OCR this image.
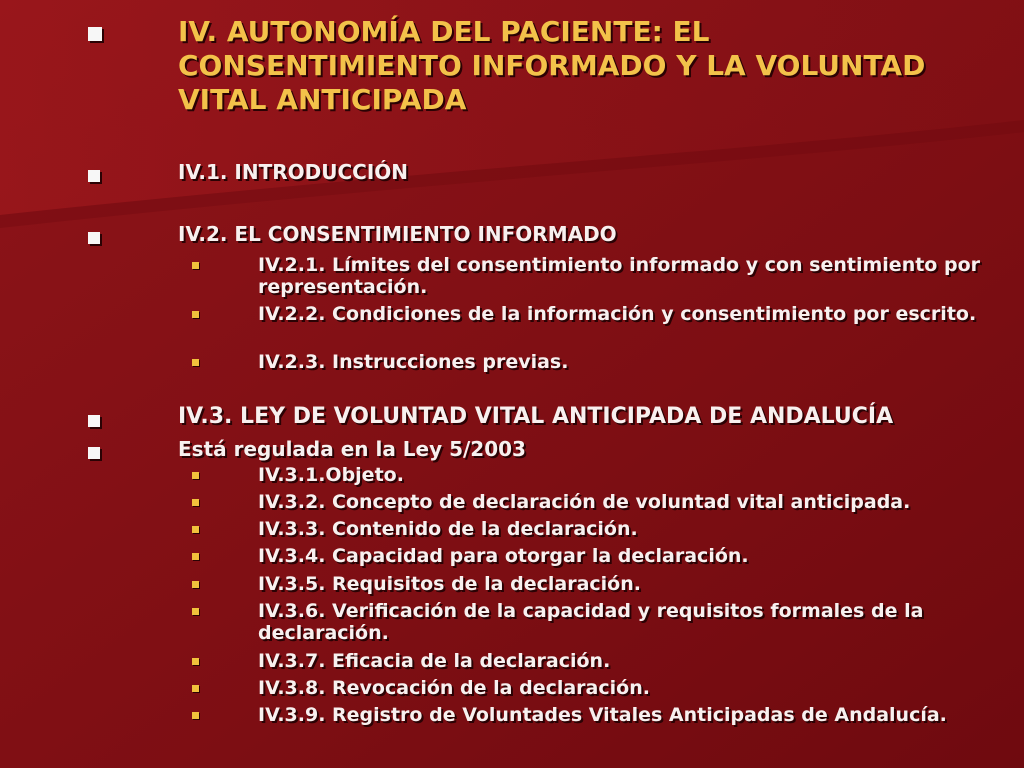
IV. AUTONOMÍA DEL PACIENTE: EL CONSENTIMIENTO INFORMADO Y LA VOLUNTAD VITAL ANTICIPADA
IV.1. INTRODUCCIÓN
IV.2. EL CONSENTIMIENTO INFORMADO
IV.2.1. Límites del consentimiento informado y con sentimiento por representación.
IV.2.2. Condiciones de la información y consentimiento por escrito.
IV.2.3. Instrucciones previas.
IV.3. LEY DE VOLUNTAD VITAL ANTICIPADA DE ANDALUCÍA
Está regulada en la Ley 5/2003
IV.3.1.Objeto.
IV.3.2. Concepto de declaración de voluntad vital anticipada.
IV.3.3. Contenido de la declaración.
IV.3.4. Capacidad para otorgar la declaración.
IV.3.5. Requisitos de la declaración.
IV.3.6. Verificación de la capacidad y requisitos formales de la declaración.
IV.3.7. Eficacia de la declaración.
IV.3.8. Revocación de la declaración.
IV.3.9. Registro de Voluntades Vitales Anticipadas de Andalucía.
